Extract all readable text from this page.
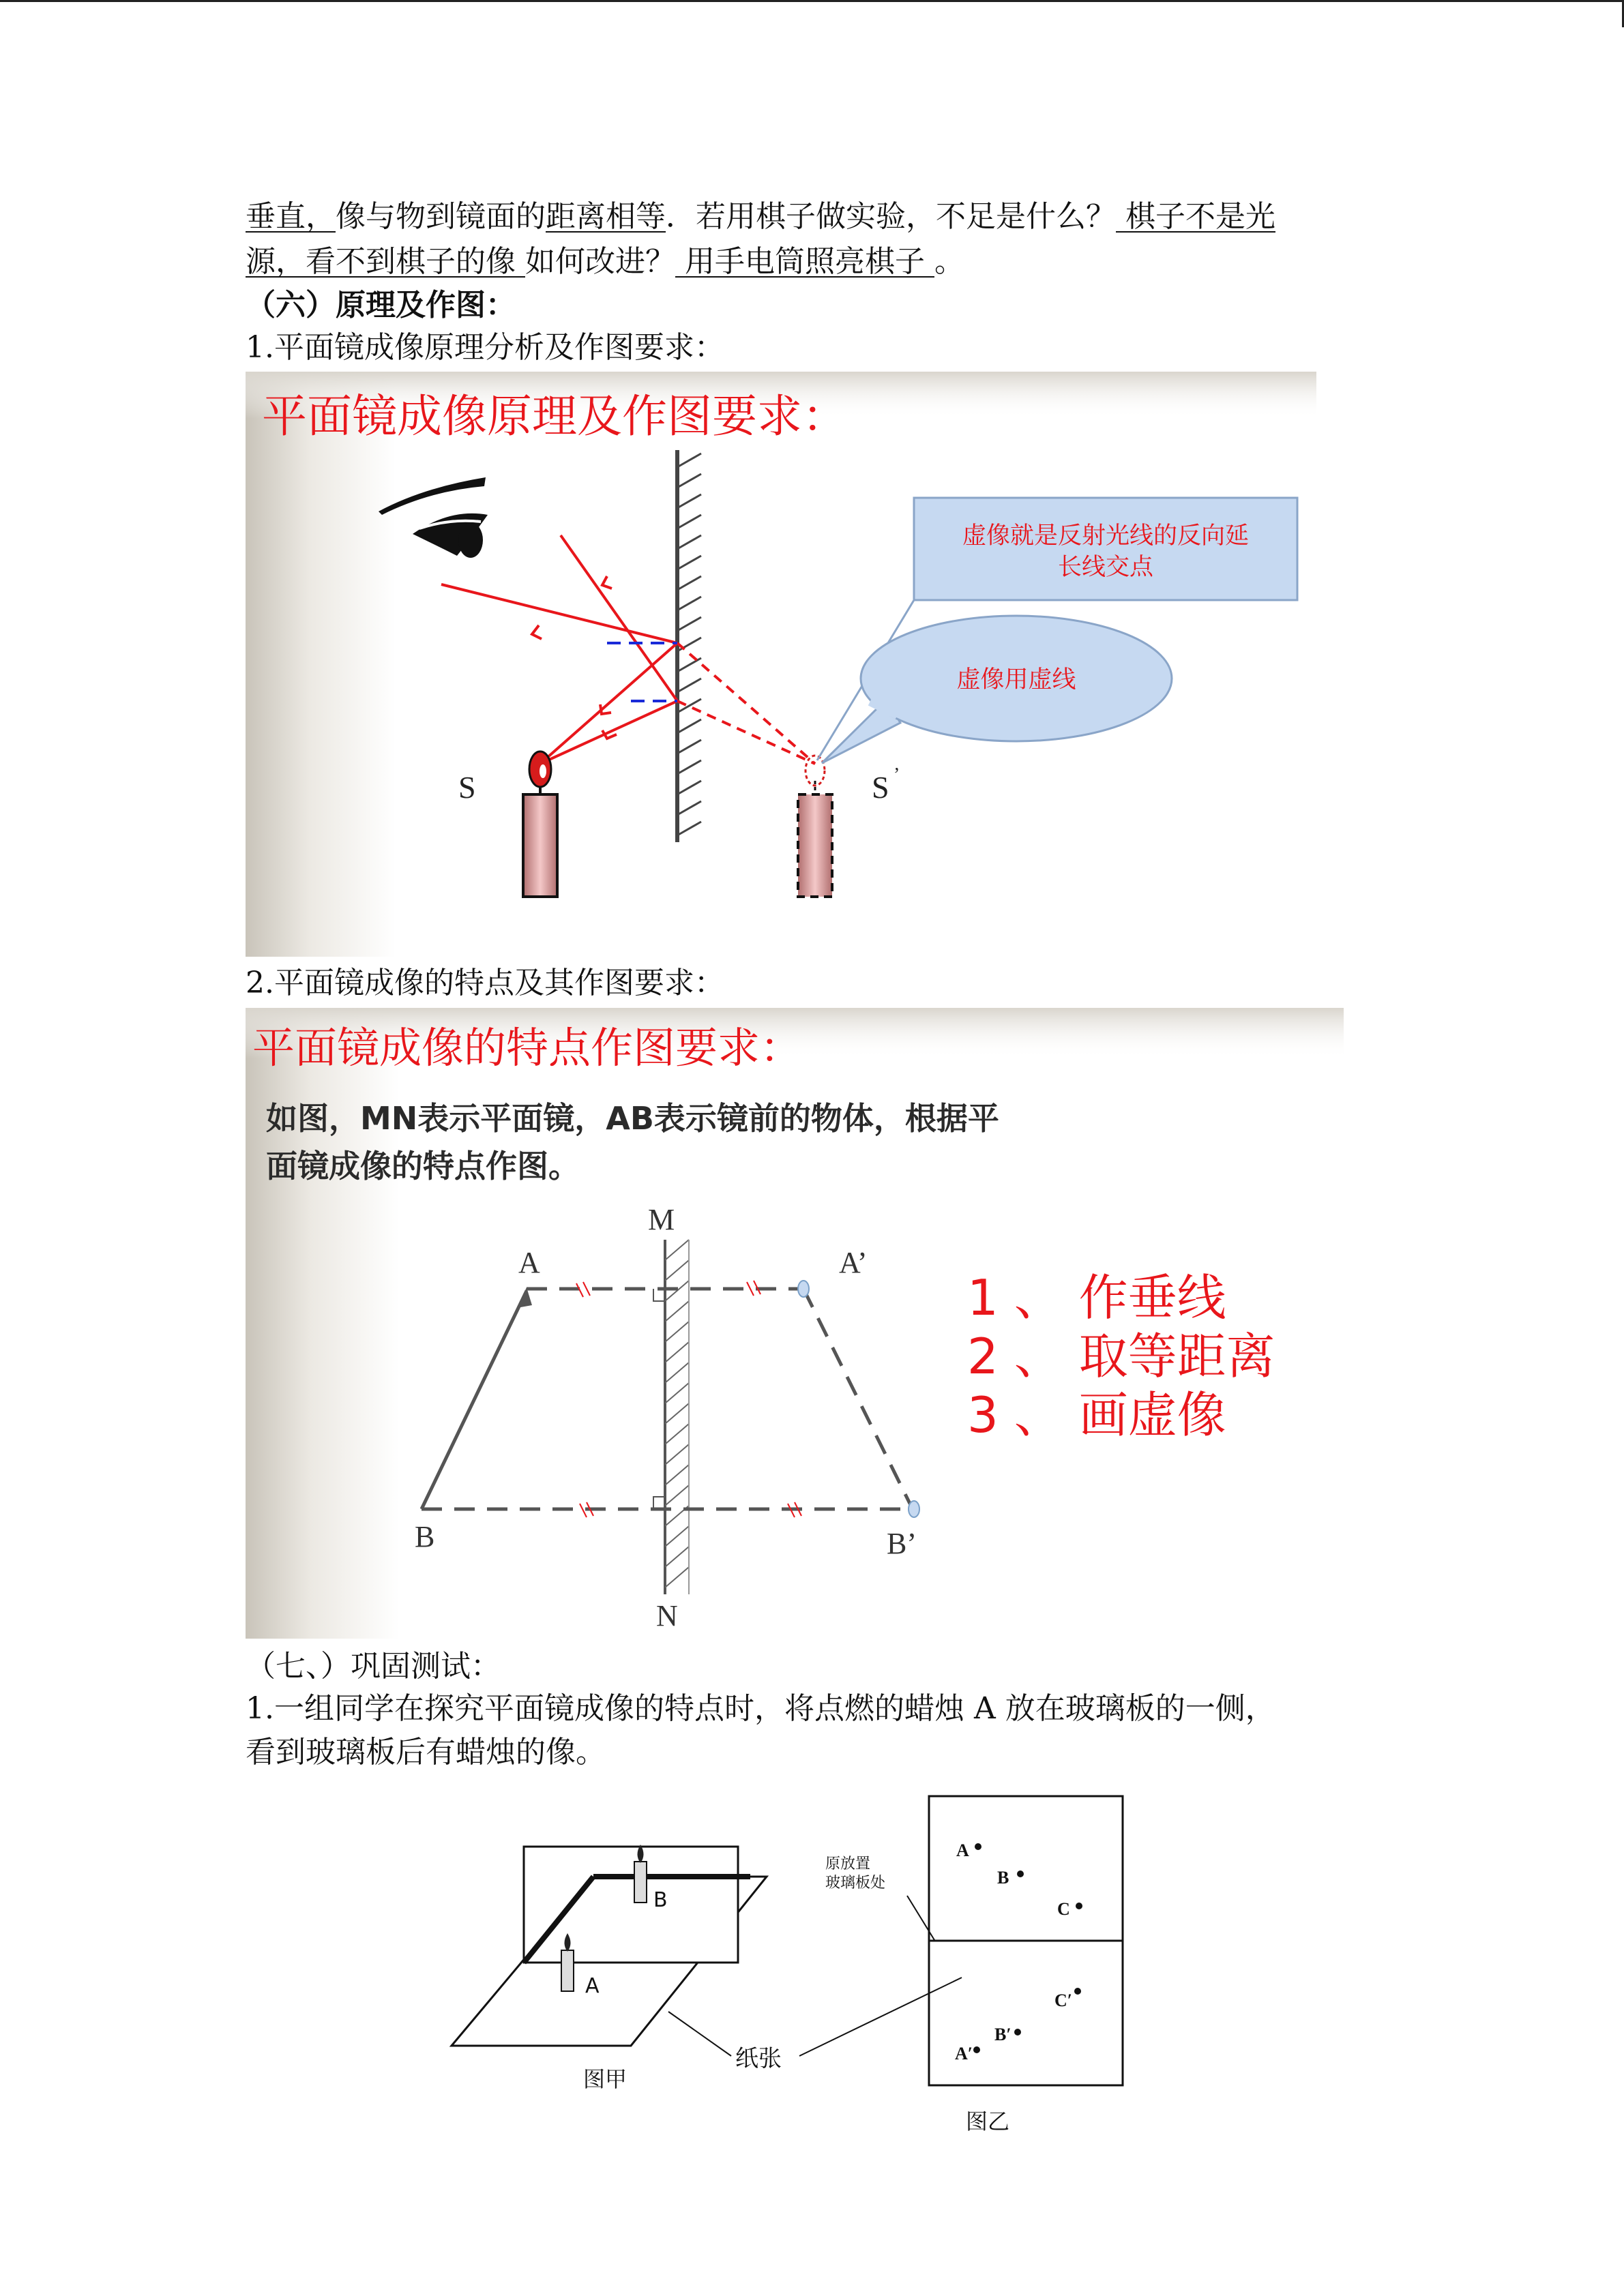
垂直，像与物到镜面的距离相等．若用棋子做实验，不足是什么？ 棋子不是光
源，看不到棋子的像 如何改进？ 用手电筒照亮棋子 。
（六）原理及作图：
1.平面镜成像原理分析及作图要求：
平面镜成像原理及作图要求：
S	S ’
虚像就是反射光线的反向延
长线交点
虚像用虚线
2.平面镜成像的特点及其作图要求：
平面镜成像的特点作图要求：
如图，MN表示平面镜，AB表示镜前的物体，根据平
面镜成像的特点作图。
M
N
A
B
A’
B’
1 、 作垂线
2 、 取等距离
3 、 画虚像
（七、）巩固测试：
1.一组同学在探究平面镜成像的特点时，将点燃的蜡烛 A 放在玻璃板的一侧，
看到玻璃板后有蜡烛的像。
B
A
图甲
纸张
原放置
玻璃板处
A
B
C
A′
B′
C′
图乙
